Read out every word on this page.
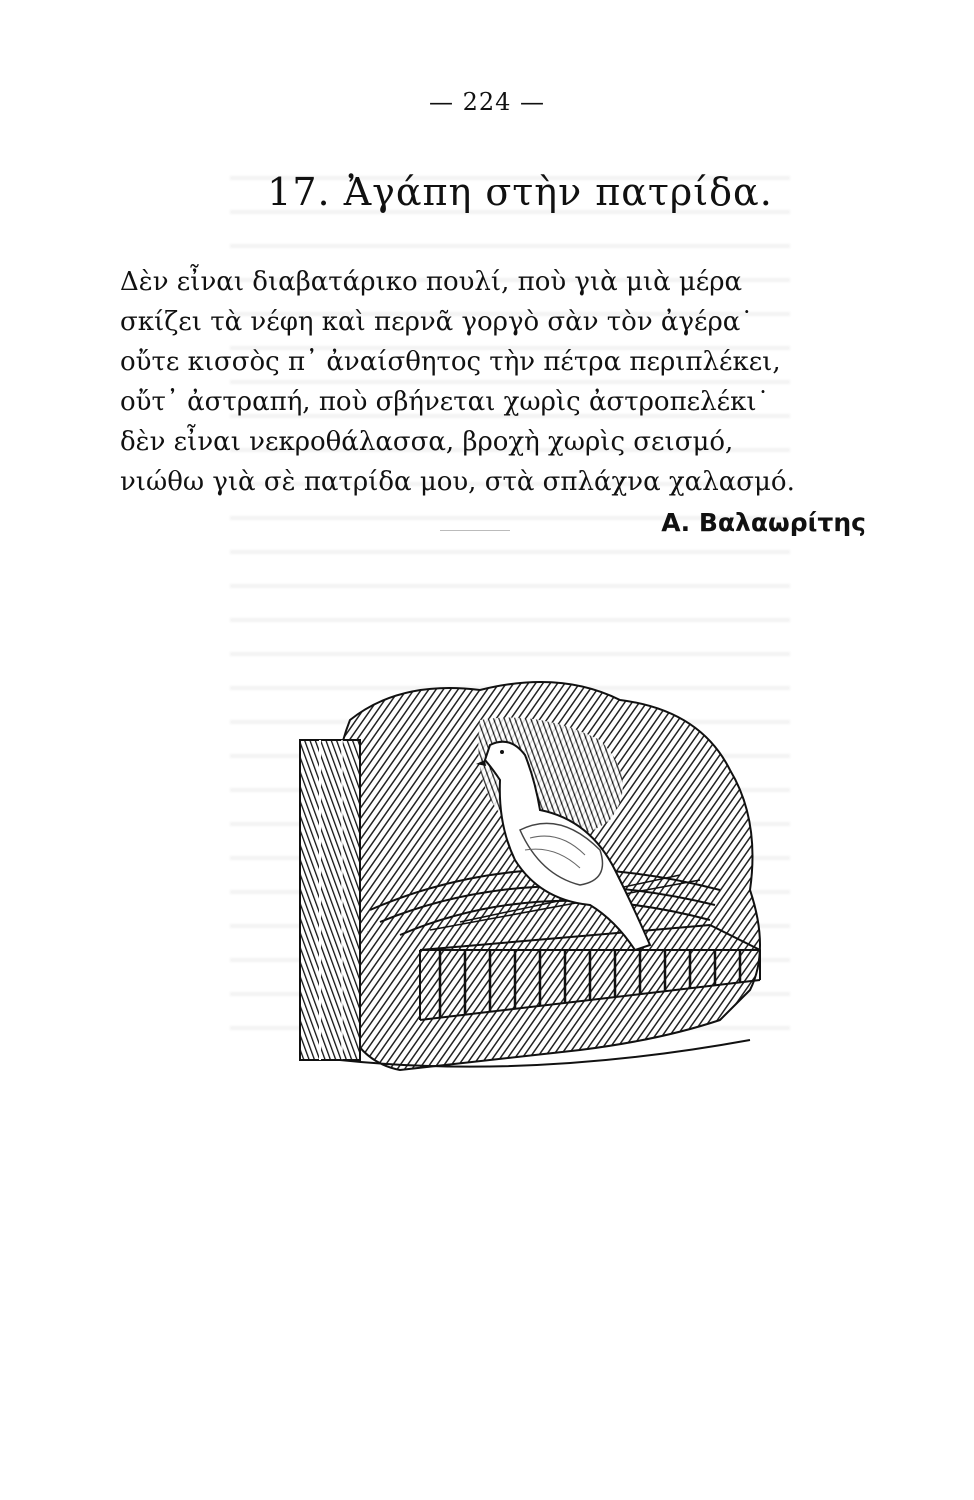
— 224 —
17. Ἀγάπη στὴν πατρίδα.
Δὲν εἶναι διαβατάρικο πουλί, ποὺ γιὰ μιὰ μέρα
σκίζει τὰ νέφη καὶ περνᾶ γοργὸ σὰν τὸν ἀγέρα˙
οὔτε κισσὸς π᾿ ἀναίσθητος τὴν πέτρα περιπλέκει,
οὔτ᾿ ἀστραπή, ποὺ σβήνεται χωρὶς ἀστροπελέκι˙
δὲν εἶναι νεκροθάλασσα, βροχὴ χωρὶς σεισμό,
νιώθω γιὰ σὲ πατρίδα μου, στὰ σπλάχνα χαλασμό.
Α. Βαλαωρίτης
